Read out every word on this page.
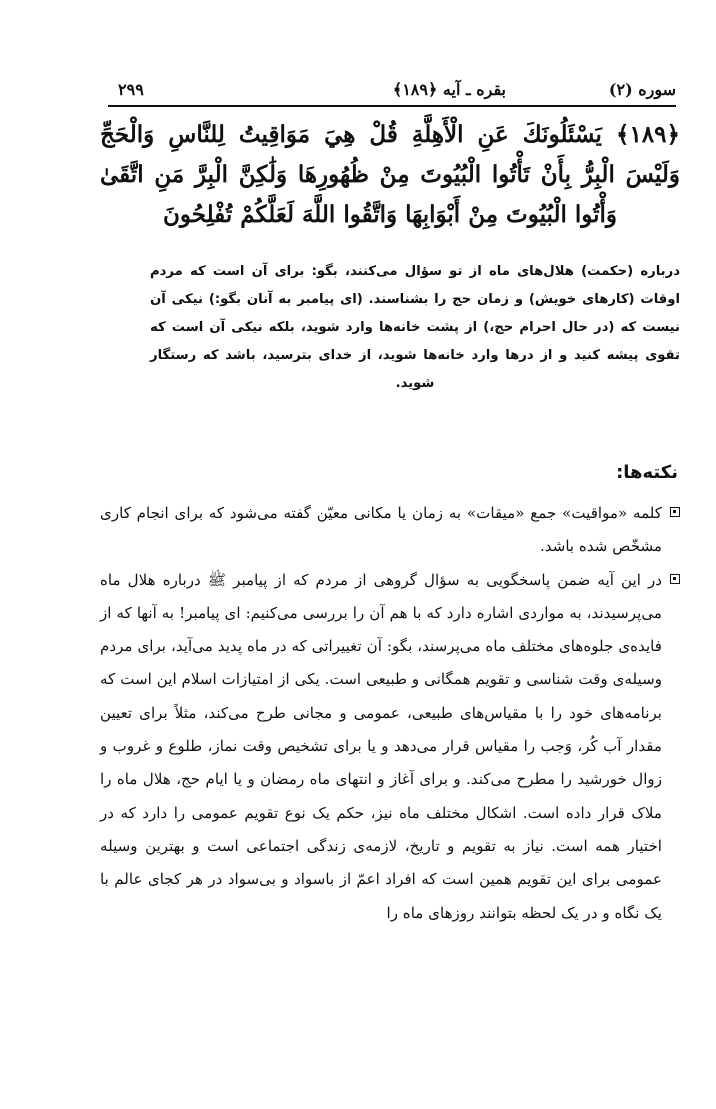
سوره (٢)
بقره ـ آیه ﴿١٨٩﴾
٢٩٩
﴿١٨٩﴾ يَسْئَلُونَكَ عَنِ الْأَهِلَّةِ قُلْ هِيَ مَوَاقِيتُ لِلنَّاسِ وَالْحَجِّ وَلَيْسَ الْبِرُّ بِأَنْ تَأْتُوا الْبُيُوتَ مِنْ ظُهُورِهَا وَلَٰكِنَّ الْبِرَّ مَنِ اتَّقَىٰ وَأْتُوا الْبُيُوتَ مِنْ أَبْوَابِهَا وَاتَّقُوا اللَّهَ لَعَلَّكُمْ تُفْلِحُونَ
درباره (حکمت) هلال‌های ماه از تو سؤال می‌کنند، بگو: برای آن است که مردم اوقات (کارهای خویش) و زمان حج را بشناسند. (ای پیامبر به آنان بگو:) نیکی آن نیست که (در حال احرام حج،) از پشت خانه‌ها وارد شوید، بلکه نیکی آن است که تقوی پیشه کنید و از درها وارد خانه‌ها شوید، از خدای بترسید، باشد که رستگار شوید.
نکته‌ها:
کلمه «مواقیت» جمع «میقات» به زمان یا مکانی معیّن گفته می‌شود که برای انجام کاری مشخّص شده باشد.
در این آیه ضمن پاسخگویی به سؤال گروهی از مردم که از پیامبر ﷺ درباره هلال ماه می‌پرسیدند، به مواردی اشاره دارد که با هم آن را بررسی می‌کنیم: ای پیامبر! به آنها که از فایده‌ی جلوه‌های مختلف ماه می‌پرسند، بگو: آن تغییراتی که در ماه پدید می‌آید، برای مردم وسیله‌ی وقت شناسی و تقویم همگانی و طبیعی است. یکی از امتیازات اسلام این است که برنامه‌های خود را با مقیاس‌های طبیعی، عمومی و مجانی طرح می‌کند، مثلاً برای تعیین مقدار آب کُر، وَجب را مقیاس قرار می‌دهد و یا برای تشخیص وقت نماز، طلوع و غروب و زوال خورشید را مطرح می‌کند. و برای آغاز و انتهای ماه رمضان و یا ایام حج، هلال ماه را ملاک قرار داده است. اشکال مختلف ماه نیز، حکم یک نوع تقویم عمومی را دارد که در اختیار همه است. نیاز به تقویم و تاریخ، لازمه‌ی زندگی اجتماعی است و بهترین وسیله عمومی برای این تقویم همین است که افراد اعمّ از باسواد و بی‌سواد در هر کجای عالم با یک نگاه و در یک لحظه بتوانند روزهای ماه را
